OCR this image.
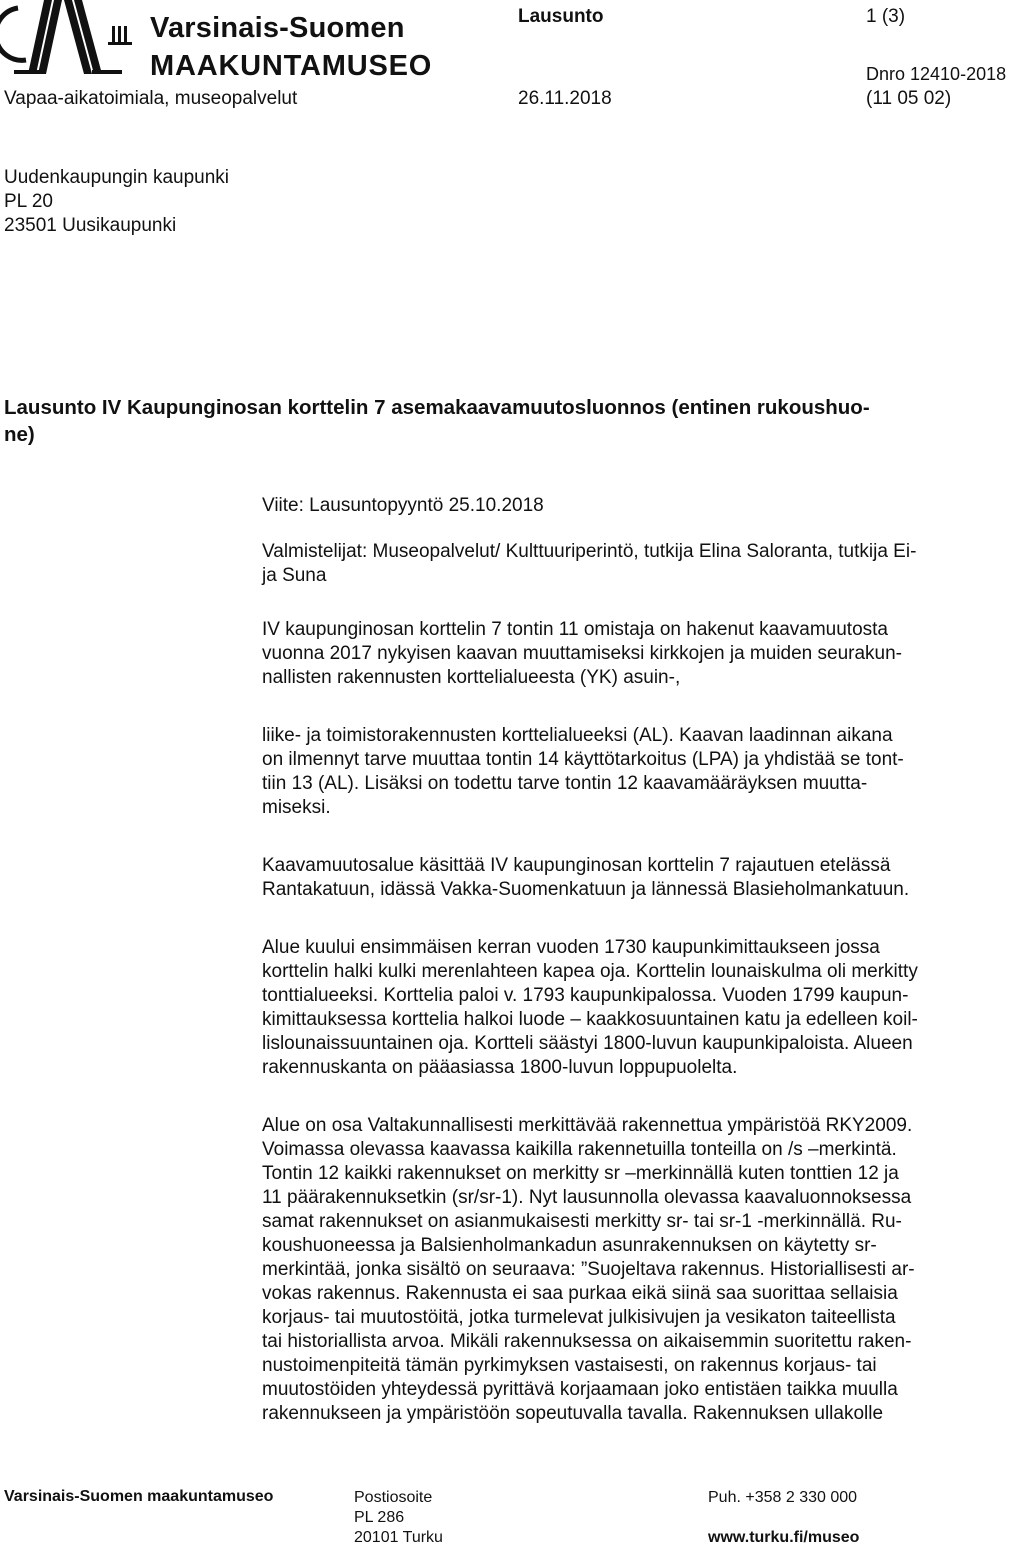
Varsinais-Suomen
MAAKUNTAMUSEO
Vapaa-aikatoimiala, museopalvelut
Lausunto
26.11.2018
1 (3)
Dnro 12410-2018
(11 05 02)
Uudenkaupungin kaupunki
PL 20
23501 Uusikaupunki
Lausunto IV Kaupunginosan korttelin 7 asemakaavamuutosluonnos (entinen rukoushuo-
ne)

Viite: Lausuntopyyntö 25.10.2018

Valmistelijat: Museopalvelut/ Kulttuuriperintö, tutkija Elina Saloranta, tutkija Ei-
ja Suna

IV kaupunginosan korttelin 7 tontin 11 omistaja on hakenut kaavamuutosta
vuonna 2017 nykyisen kaavan muuttamiseksi kirkkojen ja muiden seurakun-
nallisten rakennusten korttelialueesta (YK) asuin-,

liike- ja toimistorakennusten korttelialueeksi (AL). Kaavan laadinnan aikana
on ilmennyt tarve muuttaa tontin 14 käyttötarkoitus (LPA) ja yhdistää se tont-
tiin 13 (AL). Lisäksi on todettu tarve tontin 12 kaavamääräyksen muutta-
miseksi.

Kaavamuutosalue käsittää IV kaupunginosan korttelin 7 rajautuen etelässä
Rantakatuun, idässä Vakka-Suomenkatuun ja lännessä Blasieholmankatuun.

Alue kuului ensimmäisen kerran vuoden 1730 kaupunkimittaukseen jossa
korttelin halki kulki merenlahteen kapea oja. Korttelin lounaiskulma oli merkitty
tonttialueeksi. Korttelia paloi v. 1793 kaupunkipalossa. Vuoden 1799 kaupun-
kimittauksessa korttelia halkoi luode – kaakkosuuntainen katu ja edelleen koil-
lislounaissuuntainen oja. Kortteli säästyi 1800-luvun kaupunkipaloista. Alueen
rakennuskanta on pääasiassa 1800-luvun loppupuolelta.

Alue on osa Valtakunnallisesti merkittävää rakennettua ympäristöä RKY2009.
Voimassa olevassa kaavassa kaikilla rakennetuilla tonteilla on /s –merkintä.
Tontin 12 kaikki rakennukset on merkitty sr –merkinnällä kuten tonttien 12 ja
11 päärakennuksetkin (sr/sr-1). Nyt lausunnolla olevassa kaavaluonnoksessa
samat rakennukset on asianmukaisesti merkitty sr- tai sr-1 -merkinnällä. Ru-
koushuoneessa ja Balsienholmankadun asunrakennuksen on käytetty sr-
merkintää, jonka sisältö on seuraava: ”Suojeltava rakennus. Historiallisesti ar-
vokas rakennus. Rakennusta ei saa purkaa eikä siinä saa suorittaa sellaisia
korjaus- tai muutostöitä, jotka turmelevat julkisivujen ja vesikaton taiteellista
tai historiallista arvoa. Mikäli rakennuksessa on aikaisemmin suoritettu raken-
nustoimenpiteitä tämän pyrkimyksen vastaisesti, on rakennus korjaus- tai
muutostöiden yhteydessä pyrittävä korjaamaan joko entistäen taikka muulla
rakennukseen ja ympäristöön sopeutuvalla tavalla. Rakennuksen ullakolle

Varsinais-Suomen maakuntamuseo	Postiosoite
PL 286
20101 Turku
Puh. +358 2 330 000
www.turku.fi/museo
